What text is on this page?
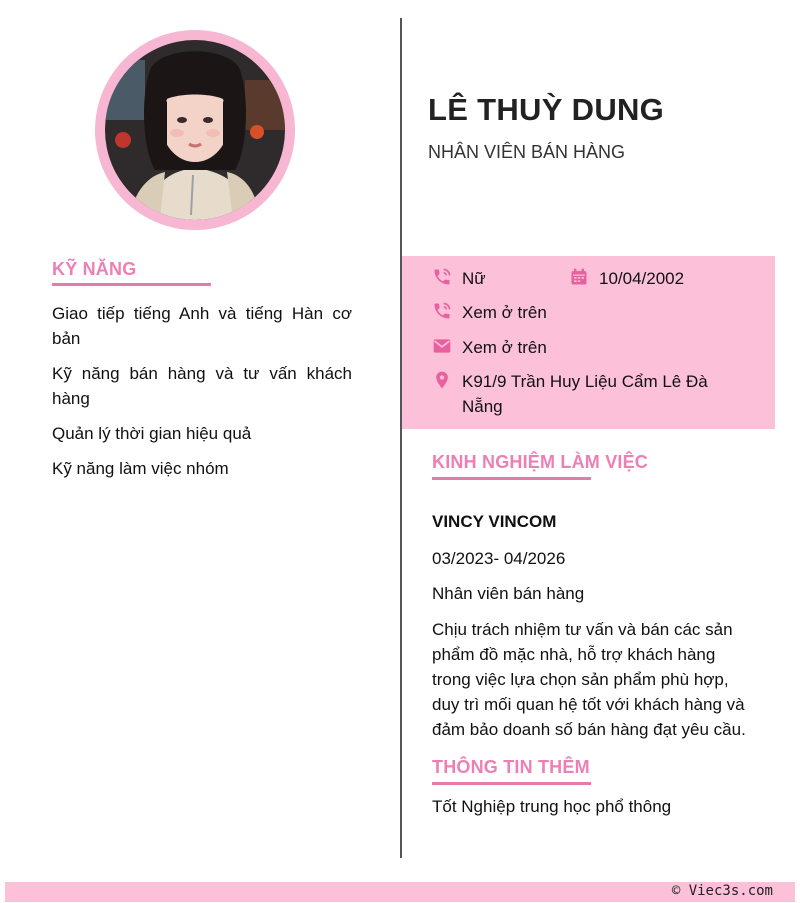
KỸ NĂNG
Giao tiếp tiếng Anh và tiếng Hàn cơ bản
Kỹ năng bán hàng và tư vấn khách hàng
Quản lý thời gian hiệu quả
Kỹ năng làm việc nhóm
LÊ THUỲ DUNG
NHÂN VIÊN BÁN HÀNG
Nữ	10/04/2002
Xem ở trên
Xem ở trên
K91/9 Trần Huy Liệu Cẩm Lê Đà Nẵng
KINH NGHIỆM LÀM VIỆC
VINCY VINCOM
03/2023- 04/2026
Nhân viên bán hàng
Chịu trách nhiệm tư vấn và bán các sản phẩm đồ mặc nhà, hỗ trợ khách hàng trong việc lựa chọn sản phẩm phù hợp, duy trì mối quan hệ tốt với khách hàng và đảm bảo doanh số bán hàng đạt yêu cầu.
THÔNG TIN THÊM
Tốt Nghiệp trung học phổ thông
© Viec3s.com
